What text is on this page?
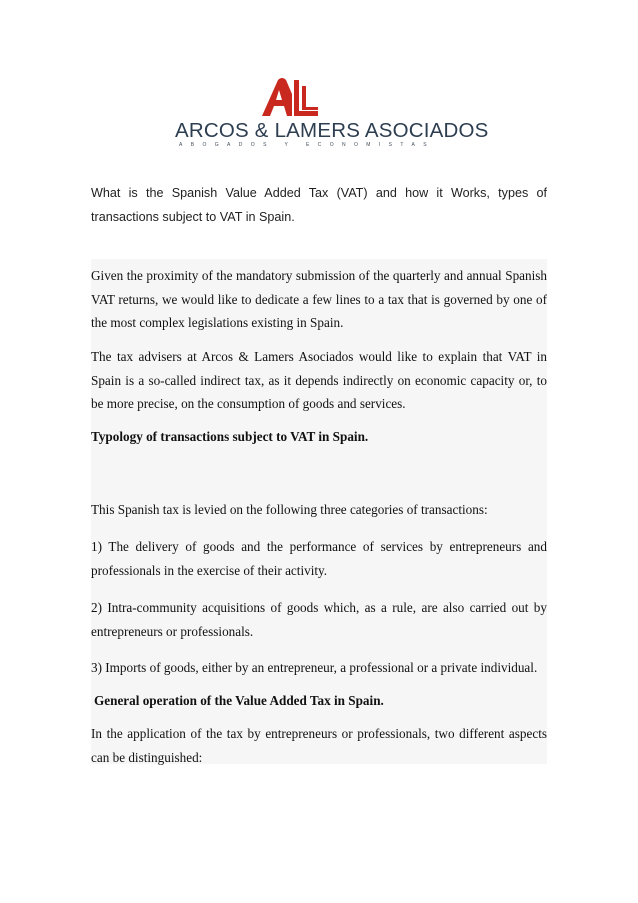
ARCOS & LAMERS ASOCIADOS
ABOGADOS Y ECONOMISTAS

What is the Spanish Value Added Tax (VAT) and how it Works, types of transactions subject to VAT in Spain.

Given the proximity of the mandatory submission of the quarterly and annual Spanish VAT returns, we would like to dedicate a few lines to a tax that is governed by one of the most complex legislations existing in Spain.

The tax advisers at Arcos & Lamers Asociados would like to explain that VAT in Spain is a so-called indirect tax, as it depends indirectly on economic capacity or, to be more precise, on the consumption of goods and services.

Typology of transactions subject to VAT in Spain.

This Spanish tax is levied on the following three categories of transactions:

1) The delivery of goods and the performance of services by entrepreneurs and professionals in the exercise of their activity.

2) Intra-community acquisitions of goods which, as a rule, are also carried out by entrepreneurs or professionals.

3) Imports of goods, either by an entrepreneur, a professional or a private individual.

General operation of the Value Added Tax in Spain.

In the application of the tax by entrepreneurs or professionals, two different aspects can be distinguished:
